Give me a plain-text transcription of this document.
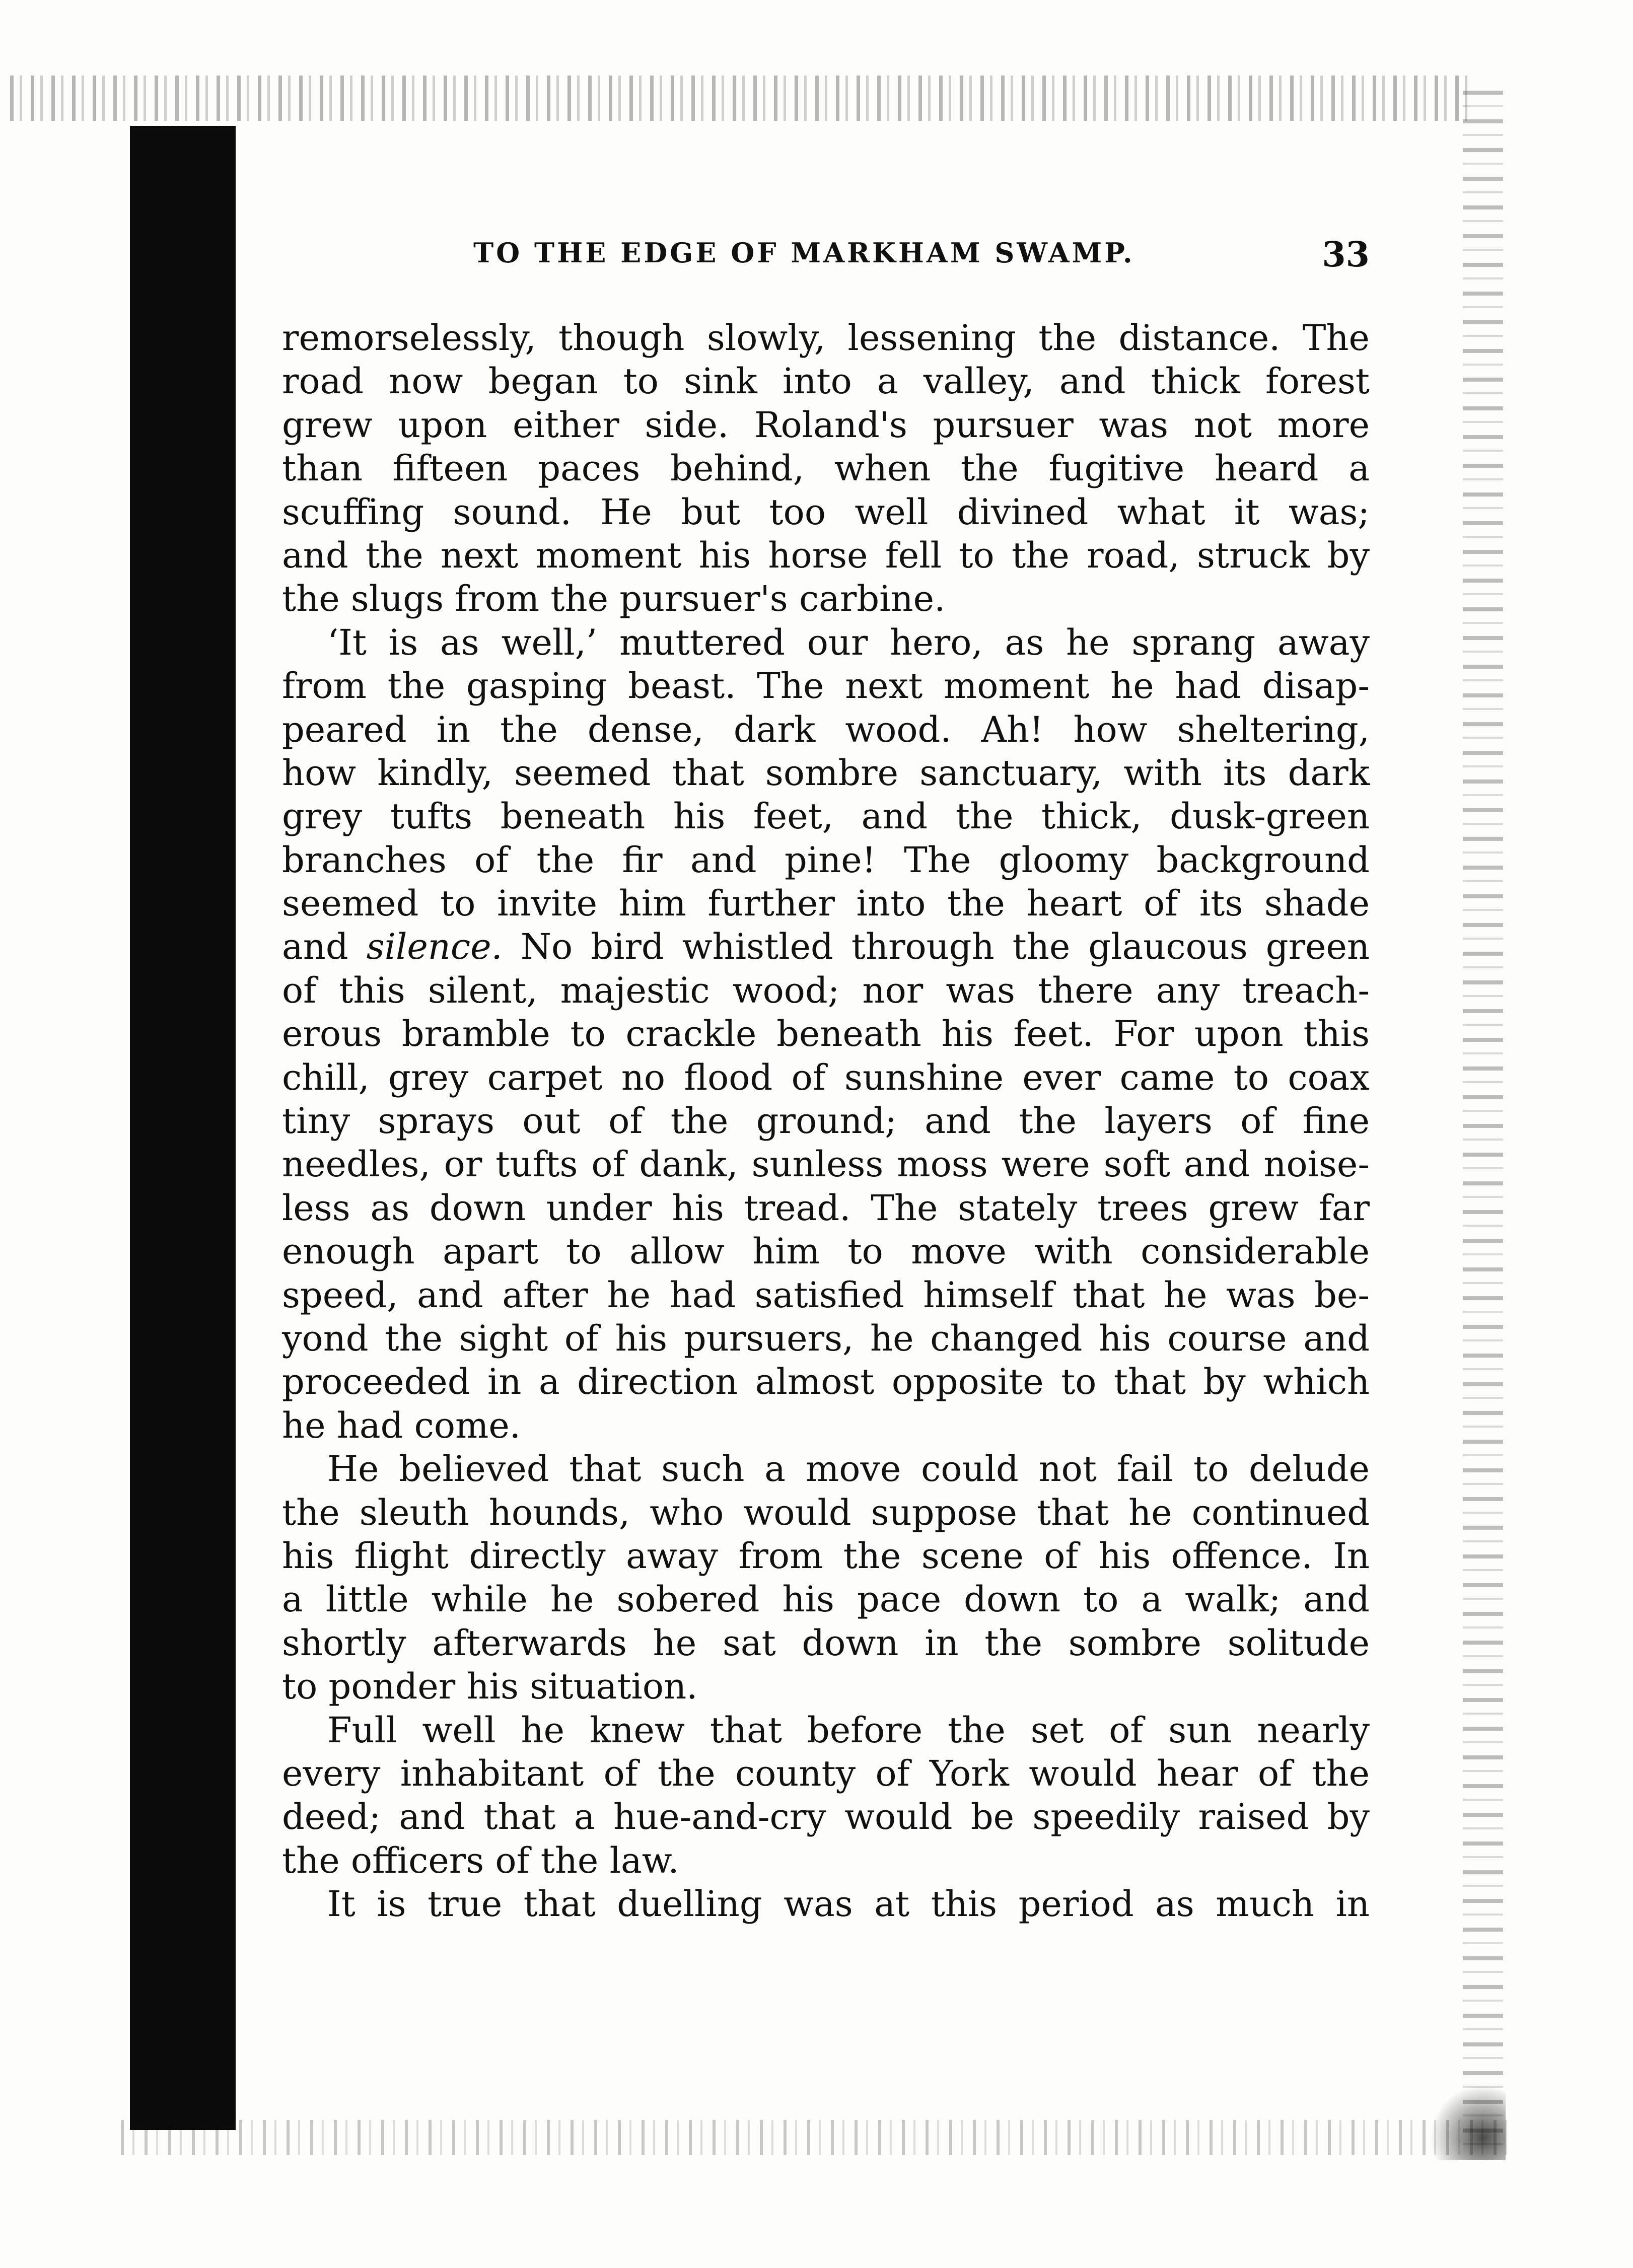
TO THE EDGE OF MARKHAM SWAMP.	33
remorselessly, though slowly, lessening the distance. The
road now began to sink into a valley, and thick forest
grew upon either side. Roland's pursuer was not more
than fifteen paces behind, when the fugitive heard a
scuffing sound. He but too well divined what it was;
and the next moment his horse fell to the road, struck by
the slugs from the pursuer's carbine.
‘It is as well,’ muttered our hero, as he sprang away
from the gasping beast. The next moment he had disap-
peared in the dense, dark wood. Ah! how sheltering,
how kindly, seemed that sombre sanctuary, with its dark
grey tufts beneath his feet, and the thick, dusk-green
branches of the fir and pine! The gloomy background
seemed to invite him further into the heart of its shade
and silence. No bird whistled through the glaucous green
of this silent, majestic wood; nor was there any treach-
erous bramble to crackle beneath his feet. For upon this
chill, grey carpet no flood of sunshine ever came to coax
tiny sprays out of the ground; and the layers of fine
needles, or tufts of dank, sunless moss were soft and noise-
less as down under his tread. The stately trees grew far
enough apart to allow him to move with considerable
speed, and after he had satisfied himself that he was be-
yond the sight of his pursuers, he changed his course and
proceeded in a direction almost opposite to that by which
he had come.
He believed that such a move could not fail to delude
the sleuth hounds, who would suppose that he continued
his flight directly away from the scene of his offence. In
a little while he sobered his pace down to a walk; and
shortly afterwards he sat down in the sombre solitude
to ponder his situation.
Full well he knew that before the set of sun nearly
every inhabitant of the county of York would hear of the
deed; and that a hue-and-cry would be speedily raised by
the officers of the law.
It is true that duelling was at this period as much in
